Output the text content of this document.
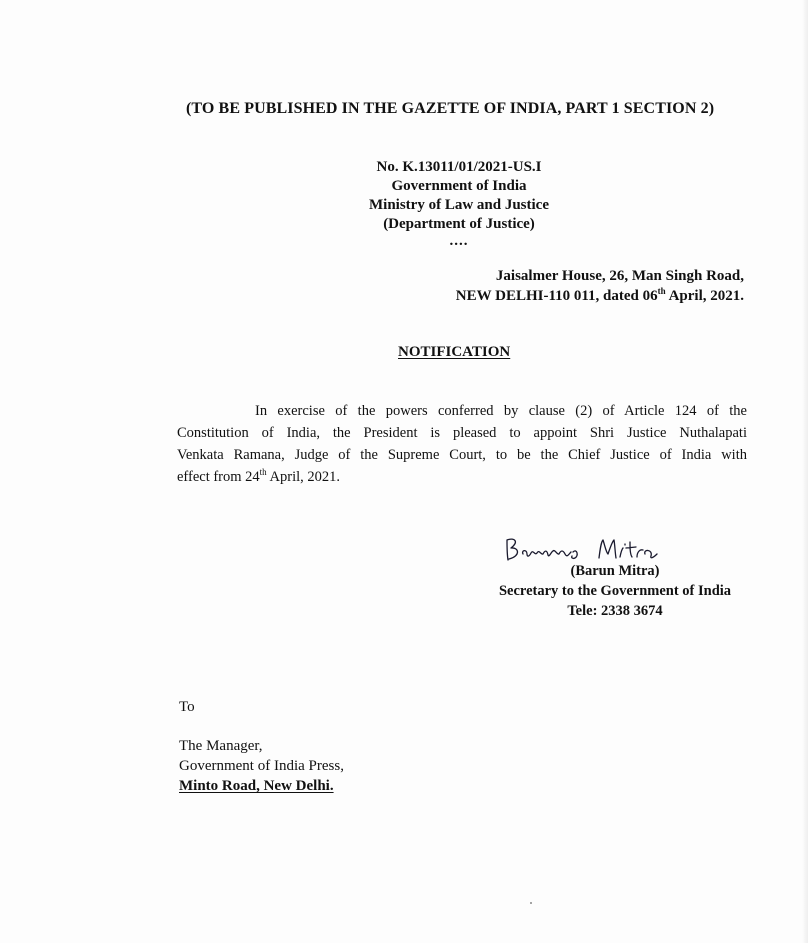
(TO BE PUBLISHED IN THE GAZETTE OF INDIA, PART 1 SECTION 2)
No. K.13011/01/2021-US.I
Government of India
Ministry of Law and Justice
(Department of Justice)
....
Jaisalmer House, 26, Man Singh Road,
NEW DELHI-110 011, dated 06th April, 2021.
NOTIFICATION
In exercise of the powers conferred by clause (2) of Article 124 of the
Constitution of India, the President is pleased to appoint Shri Justice Nuthalapati
Venkata Ramana, Judge of the Supreme Court, to be the Chief Justice of India with
effect from 24th April, 2021.
(Barun Mitra)
Secretary to the Government of India
Tele: 2338 3674
To
The Manager,
Government of India Press,
Minto Road, New Delhi.
